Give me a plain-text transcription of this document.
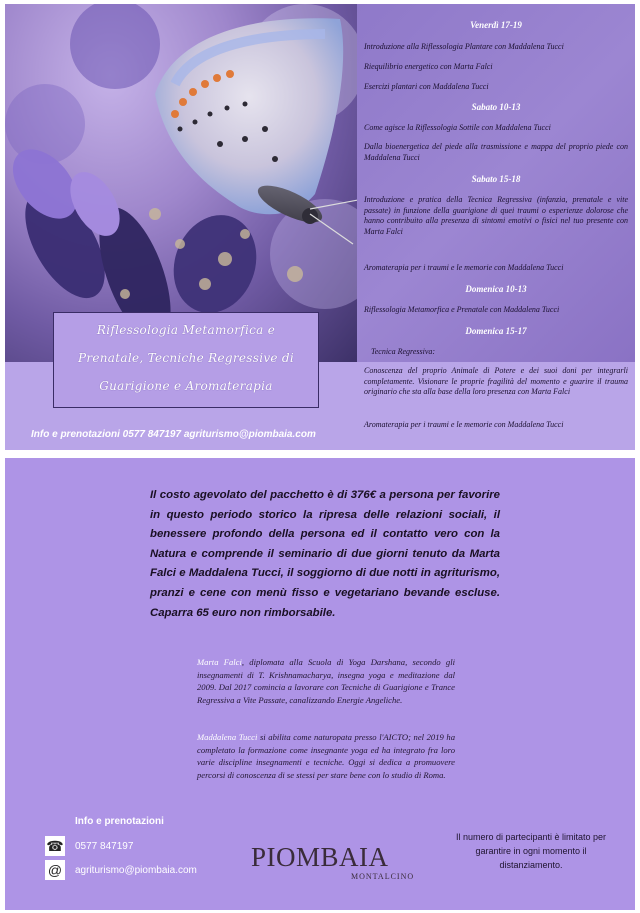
Venerdì 17-19
Introduzione alla Riflessologia Plantare con Maddalena Tucci
Riequilibrio energetico con Marta Falci
Esercizi plantari con Maddalena Tucci
Sabato 10-13
Come agisce la Riflessologia Sottile con Maddalena Tucci
Dalla bioenergetica del piede alla trasmissione e mappa del proprio piede con Maddalena Tucci
Sabato 15-18
Introduzione e pratica della Tecnica Regressiva (infanzia, prenatale e vite passate) in funzione della guarigione di quei traumi o esperienze dolorose che hanno contribuito alla presenza di sintomi emotivi o fisici nel tuo presente con Marta Falci
Aromaterapia per i traumi e le memorie con Maddalena Tucci
Domenica 10-13
Riflessologia Metamorfica e Prenatale con Maddalena Tucci
Domenica 15-17
Tecnica Regressiva:
Conoscenza del proprio Animale di Potere e dei suoi doni per integrarli completamente. Visionare le proprie fragilità del momento e guarire il trauma originario che sta alla base della loro presenza con Marta Falci
Aromaterapia per i traumi e le memorie con Maddalena Tucci
Riflessologia Metamorfica e
Prenatale, Tecniche Regressive di
Guarigione e Aromaterapia
Info e prenotazioni 0577 847197 agriturismo@piombaia.com
Il costo agevolato del pacchetto è di 376€ a persona per favorire in questo periodo storico la ripresa delle relazioni sociali, il benessere profondo della persona ed il contatto vero con la Natura e comprende il seminario di due giorni tenuto da Marta Falci e Maddalena Tucci, il soggiorno di due notti in agriturismo, pranzi e cene con menù fisso e vegetariano bevande escluse. Caparra 65 euro non rimborsabile.
Marta Falci, diplomata alla Scuola di Yoga Darshana, secondo gli insegnamenti di T. Krishnamacharya, insegna yoga e meditazione dal 2009. Dal 2017 comincia a lavorare con Tecniche di Guarigione e Trance Regressiva a Vite Passate, canalizzando Energie Angeliche.
Maddalena Tucci si abilita come naturopata presso l'AICTO; nel 2019 ha completato la formazione come insegnante yoga ed ha integrato fra loro varie discipline insegnamenti e tecniche. Oggi si dedica a promuovere percorsi di conoscenza di se stessi per stare bene con lo studio di Roma.
Info e prenotazioni
☎ 0577 847197
@ agriturismo@piombaia.com PIOMBAIA
MONTALCINO
Il numero di partecipanti è limitato per garantire in ogni momento il distanziamento.
